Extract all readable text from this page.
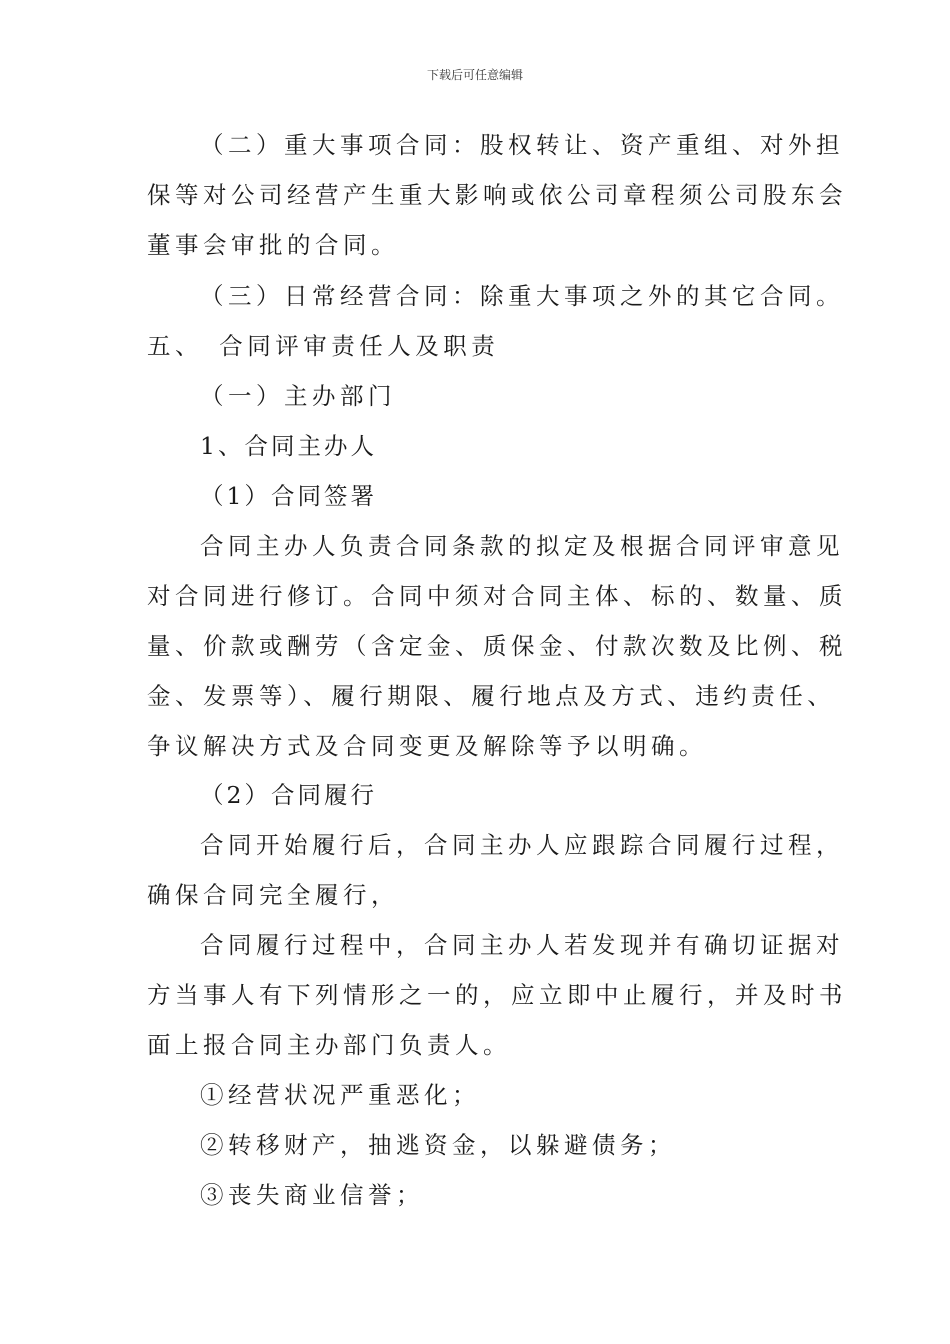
下载后可任意编辑
（二）重大事项合同：股权转让、资产重组、对外担
保等对公司经营产生重大影响或依公司章程须公司股东会
董事会审批的合同。
（三）日常经营合同：除重大事项之外的其它合同。
五、　合同评审责任人及职责
（一）主办部门
1、合同主办人
（1）合同签署
合同主办人负责合同条款的拟定及根据合同评审意见
对合同进行修订。合同中须对合同主体、标的、数量、质
量、价款或酬劳（含定金、质保金、付款次数及比例、税
金、发票等）、履行期限、履行地点及方式、违约责任、
争议解决方式及合同变更及解除等予以明确。
（2）合同履行
合同开始履行后，合同主办人应跟踪合同履行过程，
确保合同完全履行，
合同履行过程中，合同主办人若发现并有确切证据对
方当事人有下列情形之一的，应立即中止履行，并及时书
面上报合同主办部门负责人。
①经营状况严重恶化；
②转移财产，抽逃资金，以躲避债务；
③丧失商业信誉；
